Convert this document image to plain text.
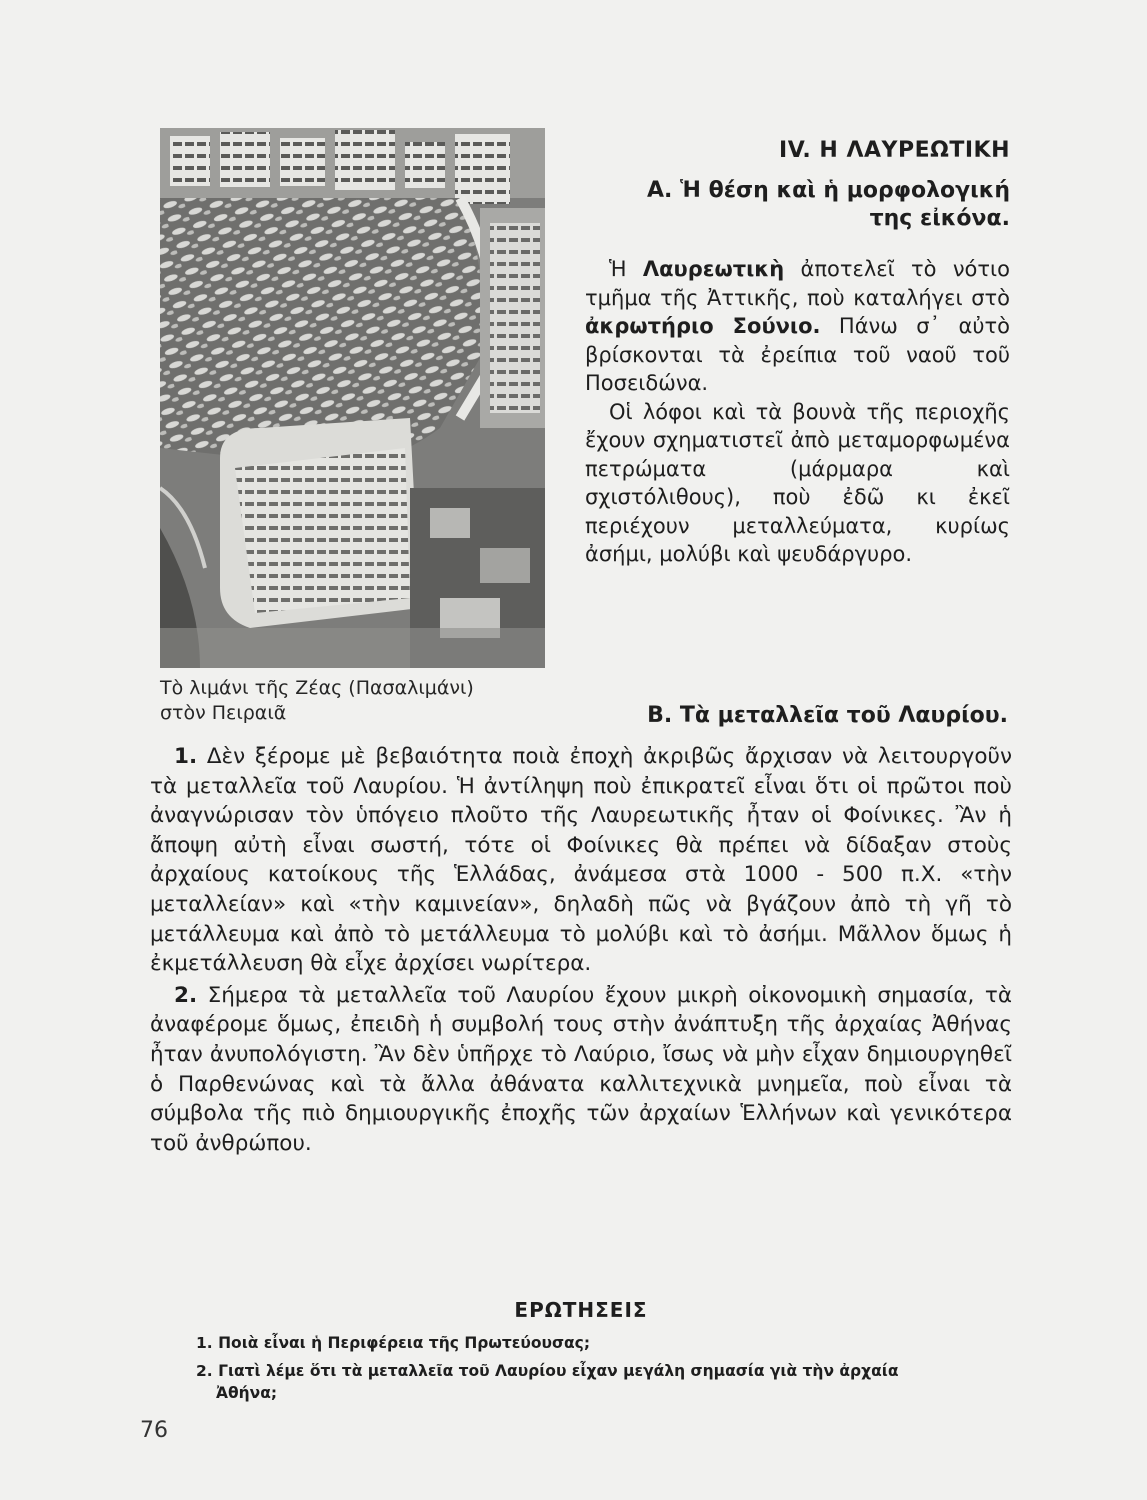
Τὸ λιμάνι τῆς Ζέας (Πασαλιμάνι)
στὸν Πειραιᾶ
IV. Η ΛΑΥΡΕΩΤΙΚΗ
Α. Ἡ θέση καὶ ἡ μορφολογική
της εἰκόνα.

Ἡ Λαυρεωτικὴ ἀποτελεῖ τὸ νότιο τμῆμα τῆς Ἀττικῆς, ποὺ καταλήγει στὸ ἀκρωτήριο Σούνιο. Πάνω σ᾽ αὐτὸ βρίσκονται τὰ ἐρείπια τοῦ ναοῦ τοῦ Ποσειδώνα.

Οἱ λόφοι καὶ τὰ βουνὰ τῆς περιοχῆς ἔχουν σχηματιστεῖ ἀπὸ μεταμορφωμένα πετρώματα (μάρμαρα καὶ σχιστόλιθους), ποὺ ἐδῶ κι ἐκεῖ περιέχουν μεταλλεύματα, κυρίως ἀσήμι, μολύβι καὶ ψευδάργυρο.

Β. Τὰ μεταλλεῖα τοῦ Λαυρίου.

1. Δὲν ξέρομε μὲ βεβαιότητα ποιὰ ἐποχὴ ἀκριβῶς ἄρχισαν νὰ λειτουργοῦν τὰ μεταλλεῖα τοῦ Λαυρίου. Ἡ ἀντίληψη ποὺ ἐπικρατεῖ εἶναι ὅτι οἱ πρῶτοι ποὺ ἀναγνώρισαν τὸν ὑπόγειο πλοῦτο τῆς Λαυρεωτικῆς ἦταν οἱ Φοίνικες. Ἂν ἡ ἄποψη αὐτὴ εἶναι σωστή, τότε οἱ Φοίνικες θὰ πρέπει νὰ δίδαξαν στοὺς ἀρχαίους κατοίκους τῆς Ἑλλάδας, ἀνάμεσα στὰ 1000 - 500 π.Χ. «τὴν μεταλλείαν» καὶ «τὴν καμινείαν», δηλαδὴ πῶς νὰ βγάζουν ἀπὸ τὴ γῆ τὸ μετάλλευμα καὶ ἀπὸ τὸ μετάλλευμα τὸ μολύβι καὶ τὸ ἀσήμι. Μᾶλλον ὅμως ἡ ἐκμετάλλευση θὰ εἶχε ἀρχίσει νωρίτερα.

2. Σήμερα τὰ μεταλλεῖα τοῦ Λαυρίου ἔχουν μικρὴ οἰκονομικὴ σημασία, τὰ ἀναφέρομε ὅμως, ἐπειδὴ ἡ συμβολή τους στὴν ἀνάπτυξη τῆς ἀρχαίας Ἀθήνας ἦταν ἀνυπολόγιστη. Ἂν δὲν ὑπῆρχε τὸ Λαύριο, ἴσως νὰ μὴν εἶχαν δημιουργηθεῖ ὁ Παρθενώνας καὶ τὰ ἄλλα ἀθάνατα καλλιτεχνικὰ μνημεῖα, ποὺ εἶναι τὰ σύμβολα τῆς πιὸ δημιουργικῆς ἐποχῆς τῶν ἀρχαίων Ἑλλήνων καὶ γενικότερα τοῦ ἀνθρώπου.

ΕΡΩΤΗΣΕΙΣ

1. Ποιὰ εἶναι ἡ Περιφέρεια τῆς Πρωτεύουσας;

2. Γιατὶ λέμε ὅτι τὰ μεταλλεῖα τοῦ Λαυρίου εἶχαν μεγάλη σημασία γιὰ τὴν ἀρχαία
Ἀθήνα;

76
